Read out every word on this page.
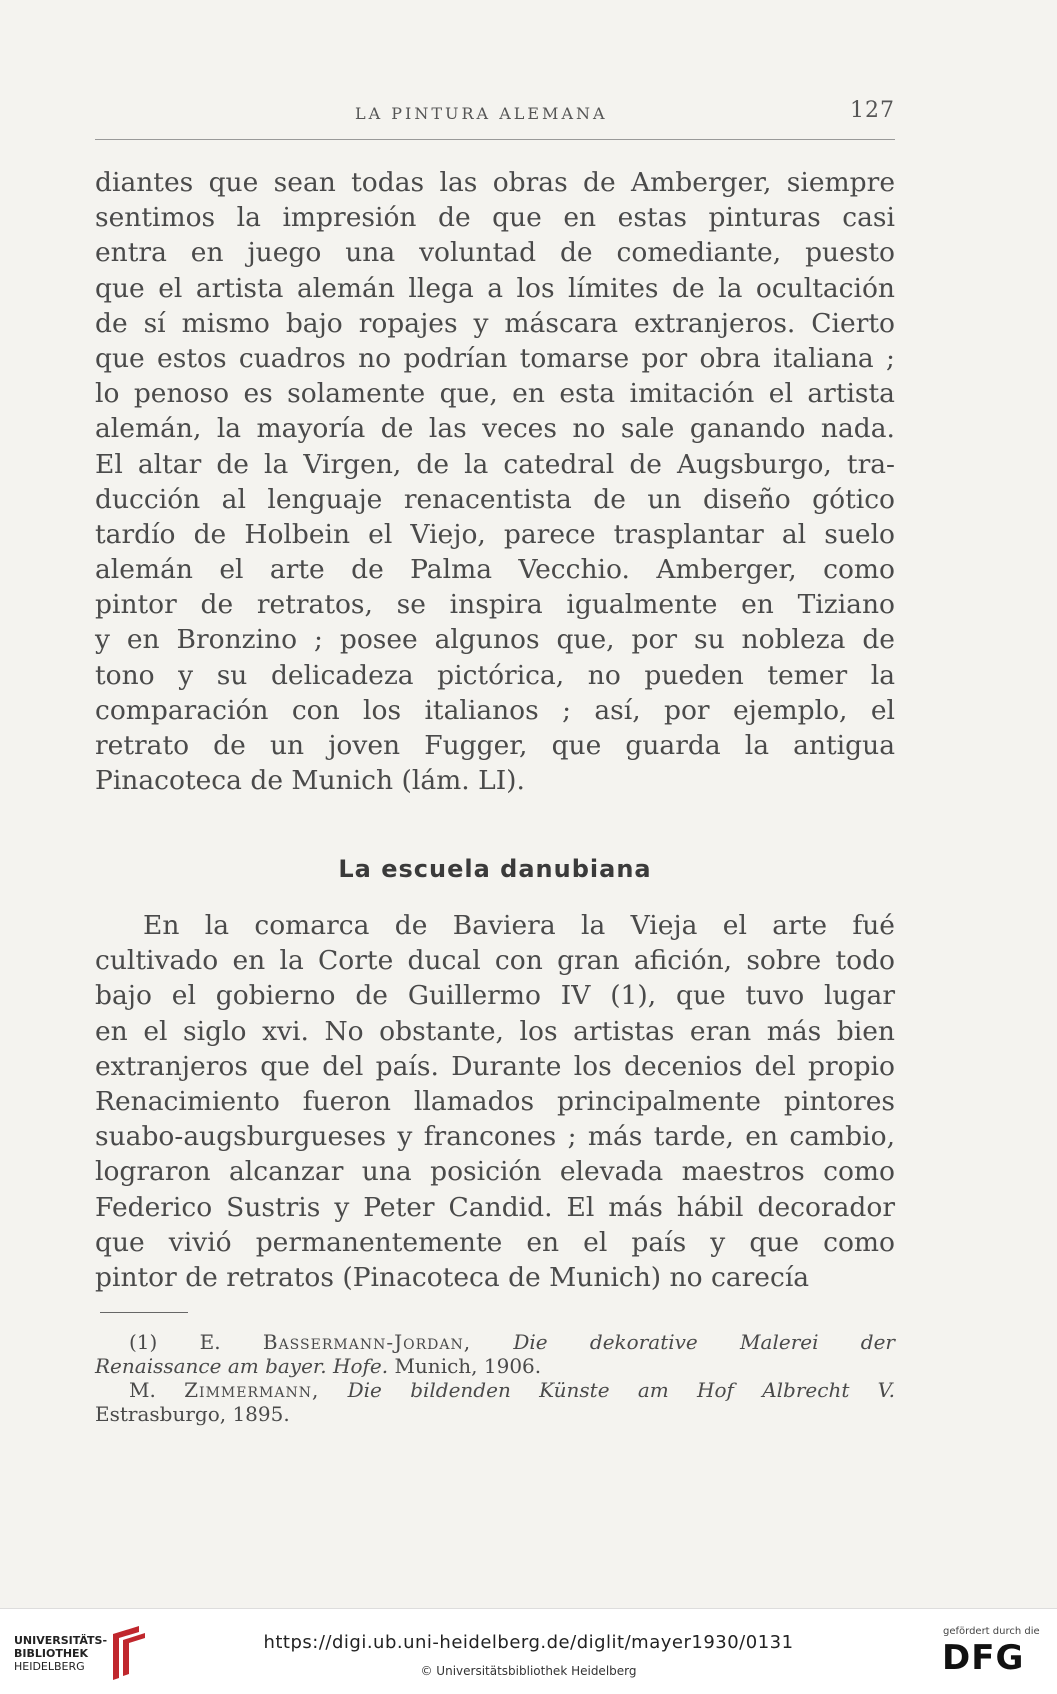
LA PINTURA ALEMANA	127
diantes que sean todas las obras de Amberger, siempre
sentimos la impresión de que en estas pinturas casi
entra en juego una voluntad de comediante, puesto
que el artista alemán llega a los límites de la ocultación
de sí mismo bajo ropajes y máscara extranjeros. Cierto
que estos cuadros no podrían tomarse por obra italiana ;
lo penoso es solamente que, en esta imitación el artista
alemán, la mayoría de las veces no sale ganando nada.
El altar de la Virgen, de la catedral de Augsburgo, tra-
ducción al lenguaje renacentista de un diseño gótico
tardío de Holbein el Viejo, parece trasplantar al suelo
alemán el arte de Palma Vecchio. Amberger, como
pintor de retratos, se inspira igualmente en Tiziano
y en Bronzino ; posee algunos que, por su nobleza de
tono y su delicadeza pictórica, no pueden temer la
comparación con los italianos ; así, por ejemplo, el
retrato de un joven Fugger, que guarda la antigua
Pinacoteca de Munich (lám. LI).
La escuela danubiana
En la comarca de Baviera la Vieja el arte fué
cultivado en la Corte ducal con gran afición, sobre todo
bajo el gobierno de Guillermo IV (1), que tuvo lugar
en el siglo xvi. No obstante, los artistas eran más bien
extranjeros que del país. Durante los decenios del propio
Renacimiento fueron llamados principalmente pintores
suabo-augsburgueses y francones ; más tarde, en cambio,
lograron alcanzar una posición elevada maestros como
Federico Sustris y Peter Candid. El más hábil decorador
que vivió permanentemente en el país y que como
pintor de retratos (Pinacoteca de Munich) no carecía
(1) E. Bassermann-Jordan, Die dekorative Malerei der
Renaissance am bayer. Hofe. Munich, 1906.
M. Zimmermann, Die bildenden Künste am Hof Albrecht V.
Estrasburgo, 1895.
UNIVERSITÄTS-
BIBLIOTHEK
HEIDELBERG
https://digi.ub.uni-heidelberg.de/diglit/mayer1930/0131
© Universitätsbibliothek Heidelberg
gefördert durch die
DFG
